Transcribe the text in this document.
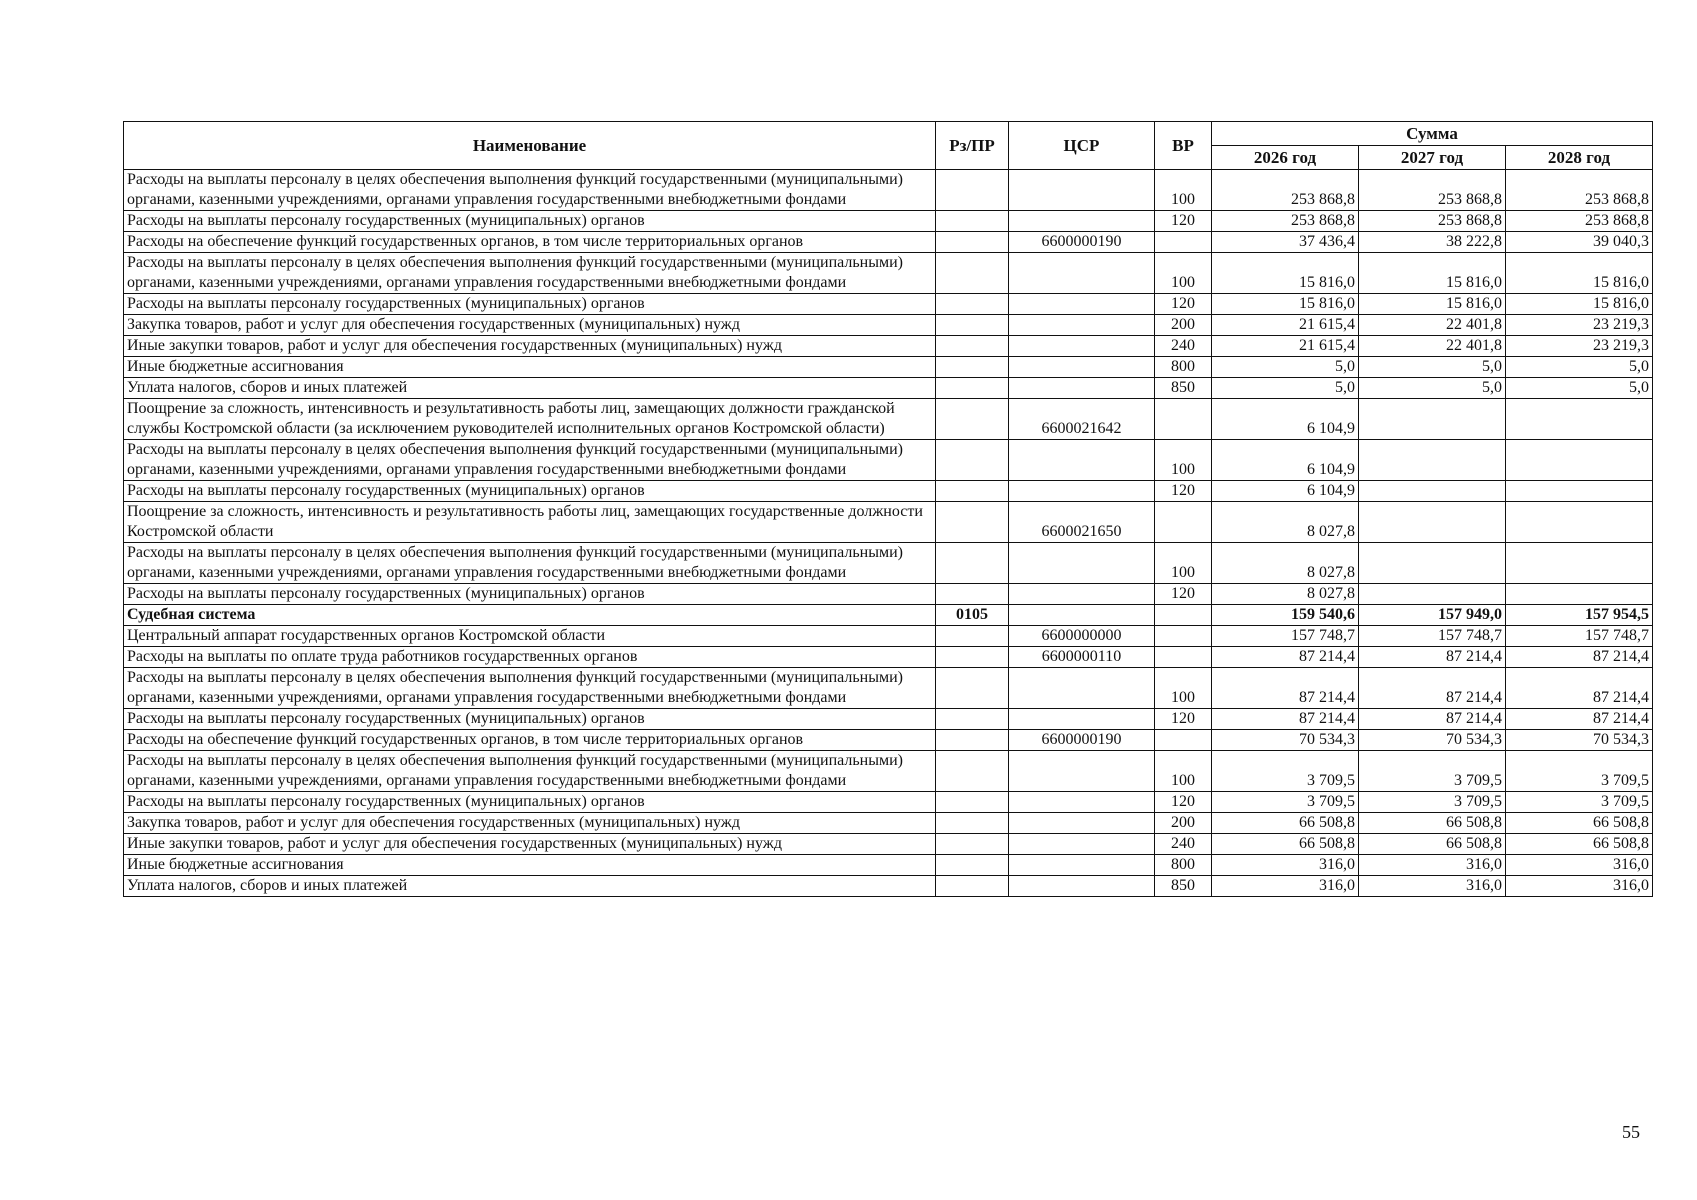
Наименование	Рз/ПР	ЦСР	ВР	Сумма		
				2026 год	2027 год	2028 год
Расходы на выплаты персоналу в целях обеспечения выполнения функций государственными (муниципальными) органами, казенными учреждениями, органами управления государственными внебюджетными фондами			100	253 868,8	253 868,8	253 868,8
Расходы на выплаты персоналу государственных (муниципальных) органов			120	253 868,8	253 868,8	253 868,8
Расходы на обеспечение функций государственных органов, в том числе территориальных органов		6600000190		37 436,4	38 222,8	39 040,3
Расходы на выплаты персоналу в целях обеспечения выполнения функций государственными (муниципальными) органами, казенными учреждениями, органами управления государственными внебюджетными фондами			100	15 816,0	15 816,0	15 816,0
Расходы на выплаты персоналу государственных (муниципальных) органов			120	15 816,0	15 816,0	15 816,0
Закупка товаров, работ и услуг для обеспечения государственных (муниципальных) нужд			200	21 615,4	22 401,8	23 219,3
Иные закупки товаров, работ и услуг для обеспечения государственных (муниципальных) нужд			240	21 615,4	22 401,8	23 219,3
Иные бюджетные ассигнования			800	5,0	5,0	5,0
Уплата налогов, сборов и иных платежей			850	5,0	5,0	5,0
Поощрение за сложность, интенсивность и результативность работы лиц, замещающих должности гражданской службы Костромской области (за исключением руководителей исполнительных органов Костромской области)		6600021642		6 104,9		
Расходы на выплаты персоналу в целях обеспечения выполнения функций государственными (муниципальными) органами, казенными учреждениями, органами управления государственными внебюджетными фондами			100	6 104,9		
Расходы на выплаты персоналу государственных (муниципальных) органов			120	6 104,9		
Поощрение за сложность, интенсивность и результативность работы лиц, замещающих государственные должности Костромской области		6600021650		8 027,8		
Расходы на выплаты персоналу в целях обеспечения выполнения функций государственными (муниципальными) органами, казенными учреждениями, органами управления государственными внебюджетными фондами			100	8 027,8		
Расходы на выплаты персоналу государственных (муниципальных) органов			120	8 027,8		
Судебная система	0105			159 540,6	157 949,0	157 954,5
Центральный аппарат государственных органов Костромской области		6600000000		157 748,7	157 748,7	157 748,7
Расходы на выплаты по оплате труда работников государственных органов		6600000110		87 214,4	87 214,4	87 214,4
Расходы на выплаты персоналу в целях обеспечения выполнения функций государственными (муниципальными) органами, казенными учреждениями, органами управления государственными внебюджетными фондами			100	87 214,4	87 214,4	87 214,4
Расходы на выплаты персоналу государственных (муниципальных) органов			120	87 214,4	87 214,4	87 214,4
Расходы на обеспечение функций государственных органов, в том числе территориальных органов		6600000190		70 534,3	70 534,3	70 534,3
Расходы на выплаты персоналу в целях обеспечения выполнения функций государственными (муниципальными) органами, казенными учреждениями, органами управления государственными внебюджетными фондами			100	3 709,5	3 709,5	3 709,5
Расходы на выплаты персоналу государственных (муниципальных) органов			120	3 709,5	3 709,5	3 709,5
Закупка товаров, работ и услуг для обеспечения государственных (муниципальных) нужд			200	66 508,8	66 508,8	66 508,8
Иные закупки товаров, работ и услуг для обеспечения государственных (муниципальных) нужд			240	66 508,8	66 508,8	66 508,8
Иные бюджетные ассигнования			800	316,0	316,0	316,0
Уплата налогов, сборов и иных платежей			850	316,0	316,0	316,0
55
